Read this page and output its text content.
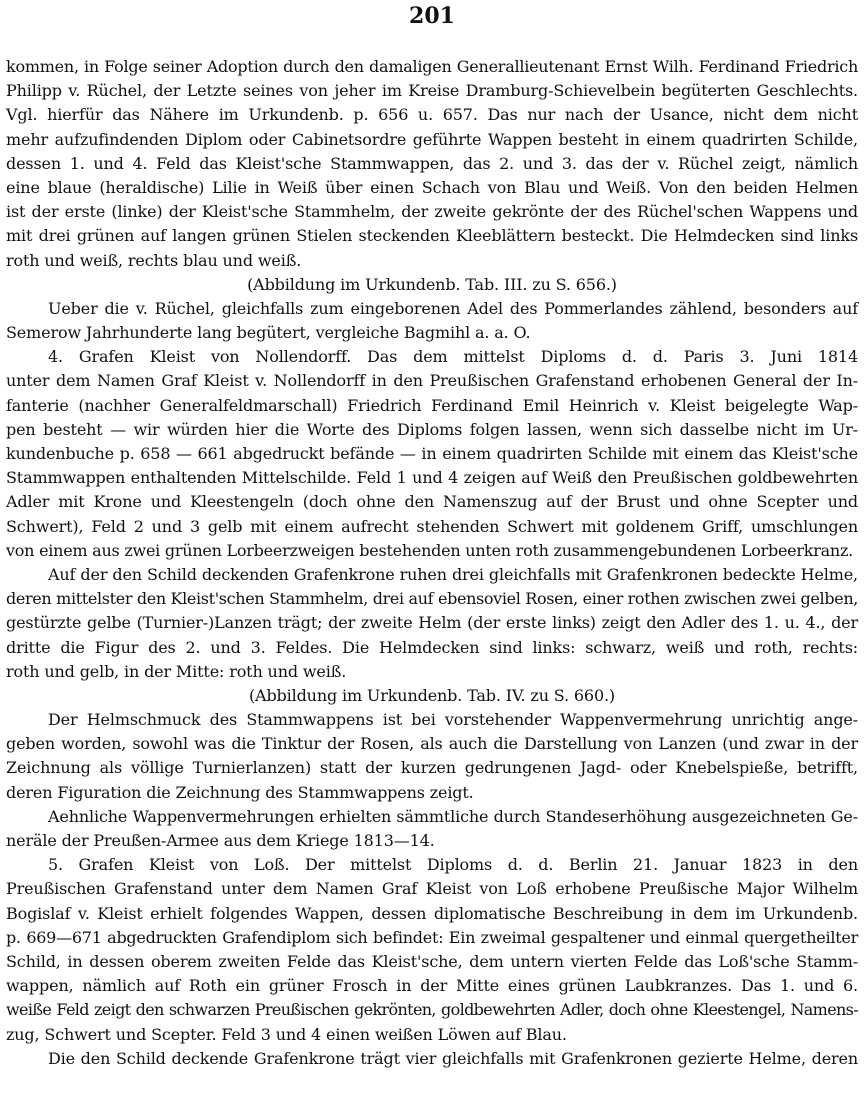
201
kommen, in Folge seiner Adoption durch den damaligen Generallieutenant Ernst Wilh. Ferdinand Friedrich
Philipp v. Rüchel, der Letzte seines von jeher im Kreise Dramburg-Schievelbein begüterten Geschlechts.
Vgl. hierfür das Nähere im Urkundenb. p. 656 u. 657. Das nur nach der Usance, nicht dem nicht
mehr aufzufindenden Diplom oder Cabinetsordre geführte Wappen besteht in einem quadrirten Schilde,
dessen 1. und 4. Feld das Kleist'sche Stammwappen, das 2. und 3. das der v. Rüchel zeigt, nämlich
eine blaue (heraldische) Lilie in Weiß über einen Schach von Blau und Weiß. Von den beiden Helmen
ist der erste (linke) der Kleist'sche Stammhelm, der zweite gekrönte der des Rüchel'schen Wappens und
mit drei grünen auf langen grünen Stielen steckenden Kleeblättern besteckt. Die Helmdecken sind links
roth und weiß, rechts blau und weiß.
(Abbildung im Urkundenb. Tab. III. zu S. 656.)
Ueber die v. Rüchel, gleichfalls zum eingeborenen Adel des Pommerlandes zählend, besonders auf
Semerow Jahrhunderte lang begütert, vergleiche Bagmihl a. a. O.
4. Grafen Kleist von Nollendorff. Das dem mittelst Diploms d. d. Paris 3. Juni 1814
unter dem Namen Graf Kleist v. Nollendorff in den Preußischen Grafenstand erhobenen General der In-
fanterie (nachher Generalfeldmarschall) Friedrich Ferdinand Emil Heinrich v. Kleist beigelegte Wap-
pen besteht — wir würden hier die Worte des Diploms folgen lassen, wenn sich dasselbe nicht im Ur-
kundenbuche p. 658 — 661 abgedruckt befände — in einem quadrirten Schilde mit einem das Kleist'sche
Stammwappen enthaltenden Mittelschilde. Feld 1 und 4 zeigen auf Weiß den Preußischen goldbewehrten
Adler mit Krone und Kleestengeln (doch ohne den Namenszug auf der Brust und ohne Scepter und
Schwert), Feld 2 und 3 gelb mit einem aufrecht stehenden Schwert mit goldenem Griff, umschlungen
von einem aus zwei grünen Lorbeerzweigen bestehenden unten roth zusammengebundenen Lorbeerkranz.
Auf der den Schild deckenden Grafenkrone ruhen drei gleichfalls mit Grafenkronen bedeckte Helme,
deren mittelster den Kleist'schen Stammhelm, drei auf ebensoviel Rosen, einer rothen zwischen zwei gelben,
gestürzte gelbe (Turnier-)Lanzen trägt; der zweite Helm (der erste links) zeigt den Adler des 1. u. 4., der
dritte die Figur des 2. und 3. Feldes. Die Helmdecken sind links: schwarz, weiß und roth, rechts:
roth und gelb, in der Mitte: roth und weiß.
(Abbildung im Urkundenb. Tab. IV. zu S. 660.)
Der Helmschmuck des Stammwappens ist bei vorstehender Wappenvermehrung unrichtig ange-
geben worden, sowohl was die Tinktur der Rosen, als auch die Darstellung von Lanzen (und zwar in der
Zeichnung als völlige Turnierlanzen) statt der kurzen gedrungenen Jagd- oder Knebelspieße, betrifft,
deren Figuration die Zeichnung des Stammwappens zeigt.
Aehnliche Wappenvermehrungen erhielten sämmtliche durch Standeserhöhung ausgezeichneten Ge-
neräle der Preußen-Armee aus dem Kriege 1813—14.
5. Grafen Kleist von Loß. Der mittelst Diploms d. d. Berlin 21. Januar 1823 in den
Preußischen Grafenstand unter dem Namen Graf Kleist von Loß erhobene Preußische Major Wilhelm
Bogislaf v. Kleist erhielt folgendes Wappen, dessen diplomatische Beschreibung in dem im Urkundenb.
p. 669—671 abgedruckten Grafendiplom sich befindet: Ein zweimal gespaltener und einmal quergetheilter
Schild, in dessen oberem zweiten Felde das Kleist'sche, dem untern vierten Felde das Loß'sche Stamm-
wappen, nämlich auf Roth ein grüner Frosch in der Mitte eines grünen Laubkranzes. Das 1. und 6.
weiße Feld zeigt den schwarzen Preußischen gekrönten, goldbewehrten Adler, doch ohne Kleestengel, Namens-
zug, Schwert und Scepter. Feld 3 und 4 einen weißen Löwen auf Blau.
Die den Schild deckende Grafenkrone trägt vier gleichfalls mit Grafenkronen gezierte Helme, deren
